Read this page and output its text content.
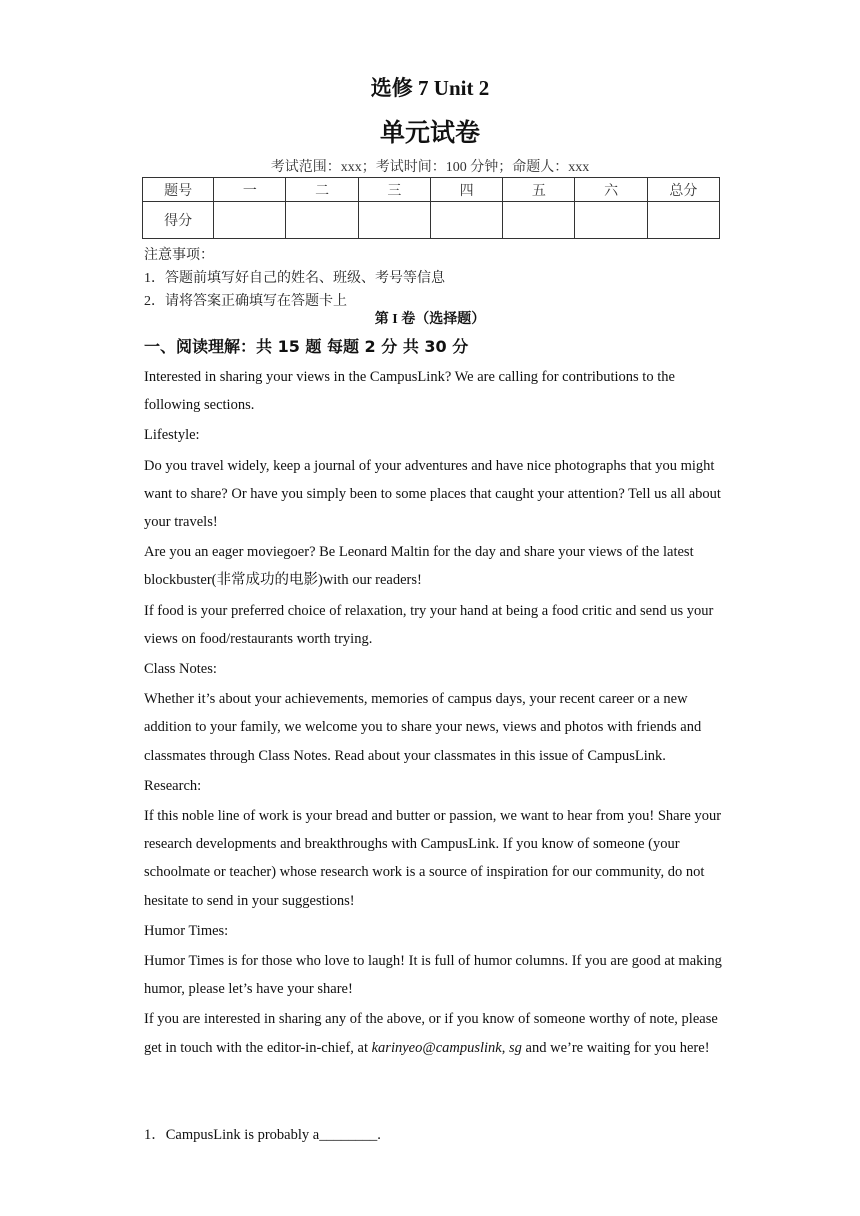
选修 7 Unit 2
单元试卷
考试范围：xxx；考试时间：100 分钟；命题人：xxx
题号	一	二	三	四	五	六	总分
得分							
注意事项：
1．答题前填写好自己的姓名、班级、考号等信息
2．请将答案正确填写在答题卡上
第 I 卷（选择题）
一、阅读理解：共 15 题 每题 2 分 共 30 分

Interested in sharing your views in the CampusLink? We are calling for contributions to the following sections.

Lifestyle:

Do you travel widely, keep a journal of your adventures and have nice photographs that you might want to share? Or have you simply been to some places that caught your attention? Tell us all about your travels!

Are you an eager moviegoer? Be Leonard Maltin for the day and share your views of the latest blockbuster(非常成功的电影)with our readers!

If food is your preferred choice of relaxation, try your hand at being a food critic and send us your views on food/restaurants worth trying.

Class Notes:

Whether it’s about your achievements, memories of campus days, your recent career or a new addition to your family, we welcome you to share your news, views and photos with friends and classmates through Class Notes. Read about your classmates in this issue of CampusLink.

Research:

If this noble line of work is your bread and butter or passion, we want to hear from you! Share your research developments and breakthroughs with CampusLink. If you know of someone (your schoolmate or teacher) whose research work is a source of inspiration for our community, do not hesitate to send in your suggestions!

Humor Times:

Humor Times is for those who love to laugh! It is full of humor columns. If you are good at making humor, please let’s have your share!

If you are interested in sharing any of the above, or if you know of someone worthy of note, please get in touch with the editor-in-chief, at karinyeo@campuslink, sg and we’re waiting for you here!

1．CampusLink is probably a________.
